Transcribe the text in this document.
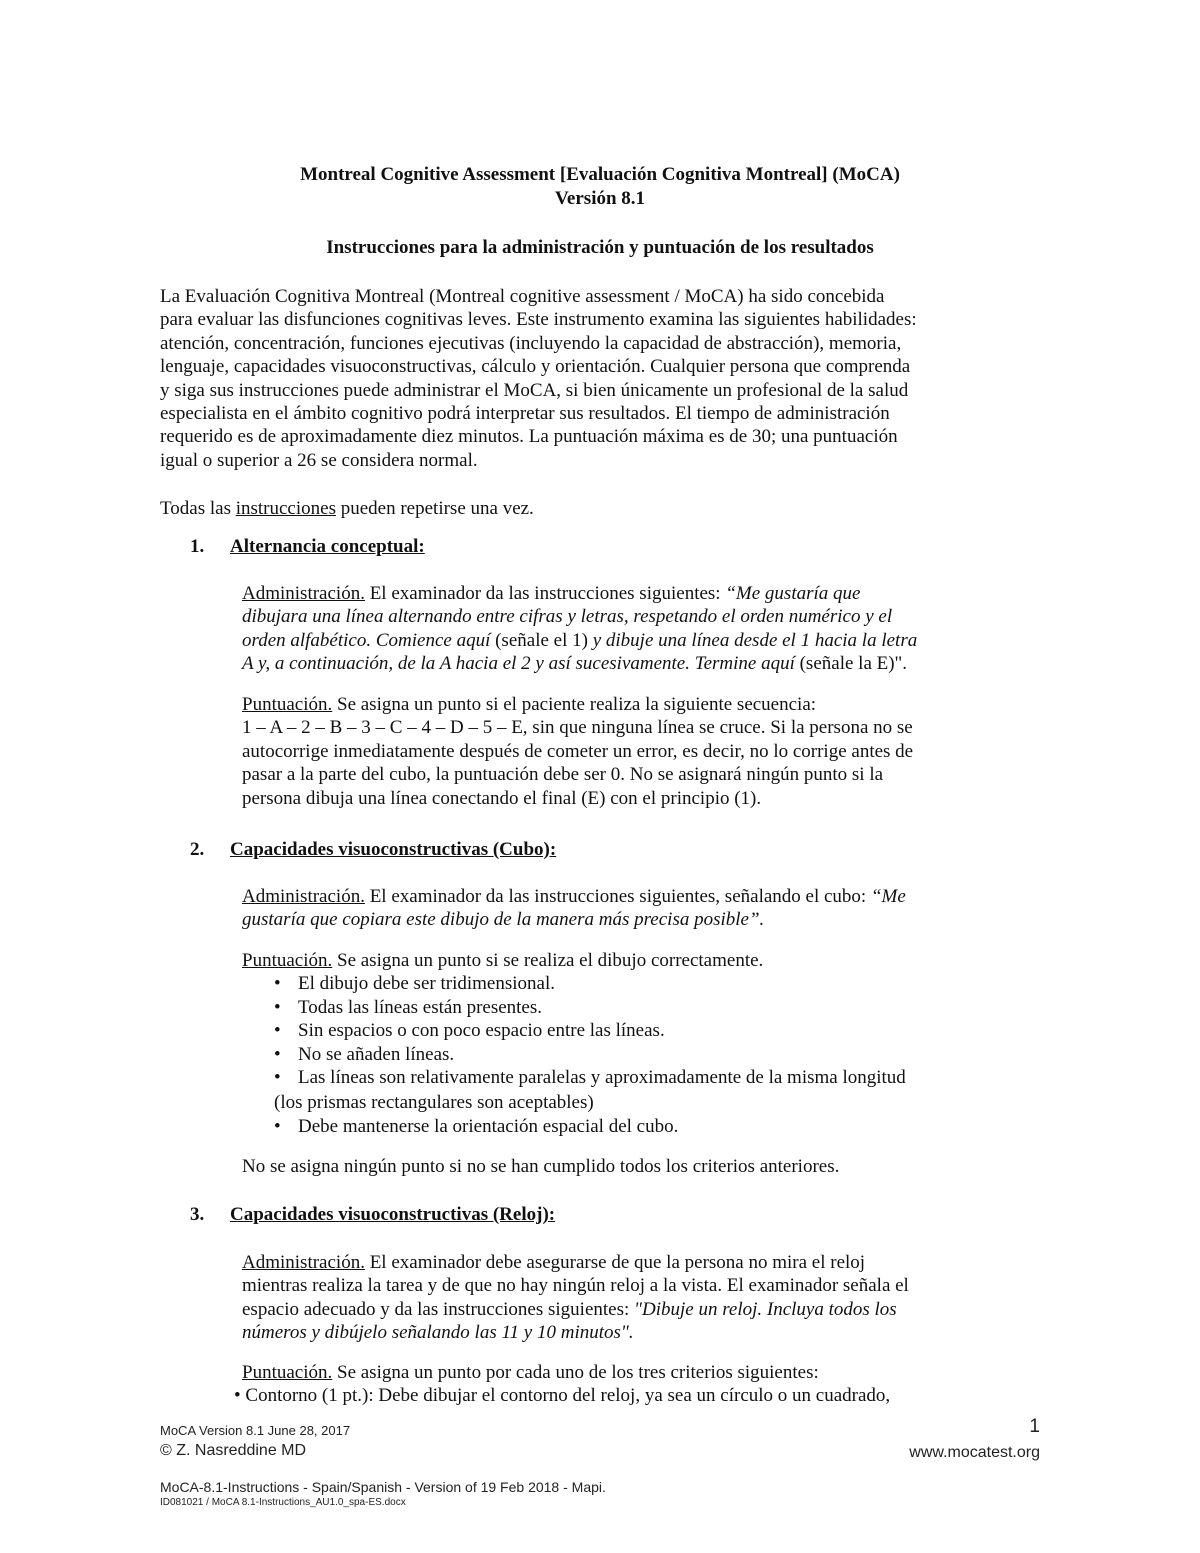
Montreal Cognitive Assessment [Evaluación Cognitiva Montreal] (MoCA)
Versión 8.1
Instrucciones para la administración y puntuación de los resultados
La Evaluación Cognitiva Montreal (Montreal cognitive assessment / MoCA) ha sido concebida
para evaluar las disfunciones cognitivas leves. Este instrumento examina las siguientes habilidades:
atención, concentración, funciones ejecutivas (incluyendo la capacidad de abstracción), memoria,
lenguaje, capacidades visuoconstructivas, cálculo y orientación. Cualquier persona que comprenda
y siga sus instrucciones puede administrar el MoCA, si bien únicamente un profesional de la salud
especialista en el ámbito cognitivo podrá interpretar sus resultados. El tiempo de administración
requerido es de aproximadamente diez minutos. La puntuación máxima es de 30; una puntuación
igual o superior a 26 se considera normal.
Todas las instrucciones pueden repetirse una vez.
1. Alternancia conceptual:
Administración. El examinador da las instrucciones siguientes: “Me gustaría que
dibujara una línea alternando entre cifras y letras, respetando el orden numérico y el
orden alfabético. Comience aquí (señale el 1) y dibuje una línea desde el 1 hacia la letra
A y, a continuación, de la A hacia el 2 y así sucesivamente. Termine aquí (señale la E)".
Puntuación. Se asigna un punto si el paciente realiza la siguiente secuencia:
1 – A – 2 – B – 3 – C – 4 – D – 5 – E, sin que ninguna línea se cruce. Si la persona no se
autocorrige inmediatamente después de cometer un error, es decir, no lo corrige antes de
pasar a la parte del cubo, la puntuación debe ser 0. No se asignará ningún punto si la
persona dibuja una línea conectando el final (E) con el principio (1).
2. Capacidades visuoconstructivas (Cubo):
Administración. El examinador da las instrucciones siguientes, señalando el cubo: “Me
gustaría que copiara este dibujo de la manera más precisa posible”.
Puntuación. Se asigna un punto si se realiza el dibujo correctamente.
• El dibujo debe ser tridimensional.
• Todas las líneas están presentes.
• Sin espacios o con poco espacio entre las líneas.
• No se añaden líneas.
• Las líneas son relativamente paralelas y aproximadamente de la misma longitud
(los prismas rectangulares son aceptables)
• Debe mantenerse la orientación espacial del cubo.
No se asigna ningún punto si no se han cumplido todos los criterios anteriores.
3. Capacidades visuoconstructivas (Reloj):
Administración. El examinador debe asegurarse de que la persona no mira el reloj
mientras realiza la tarea y de que no hay ningún reloj a la vista. El examinador señala el
espacio adecuado y da las instrucciones siguientes: "Dibuje un reloj. Incluya todos los
números y dibújelo señalando las 11 y 10 minutos".
Puntuación. Se asigna un punto por cada uno de los tres criterios siguientes:
• Contorno (1 pt.): Debe dibujar el contorno del reloj, ya sea un círculo o un cuadrado,
MoCA Version 8.1 June 28, 2017
© Z. Nasreddine MD
1
www.mocatest.org
MoCA-8.1-Instructions - Spain/Spanish - Version of 19 Feb 2018 - Mapi.
ID081021 / MoCA 8.1-Instructions_AU1.0_spa-ES.docx
